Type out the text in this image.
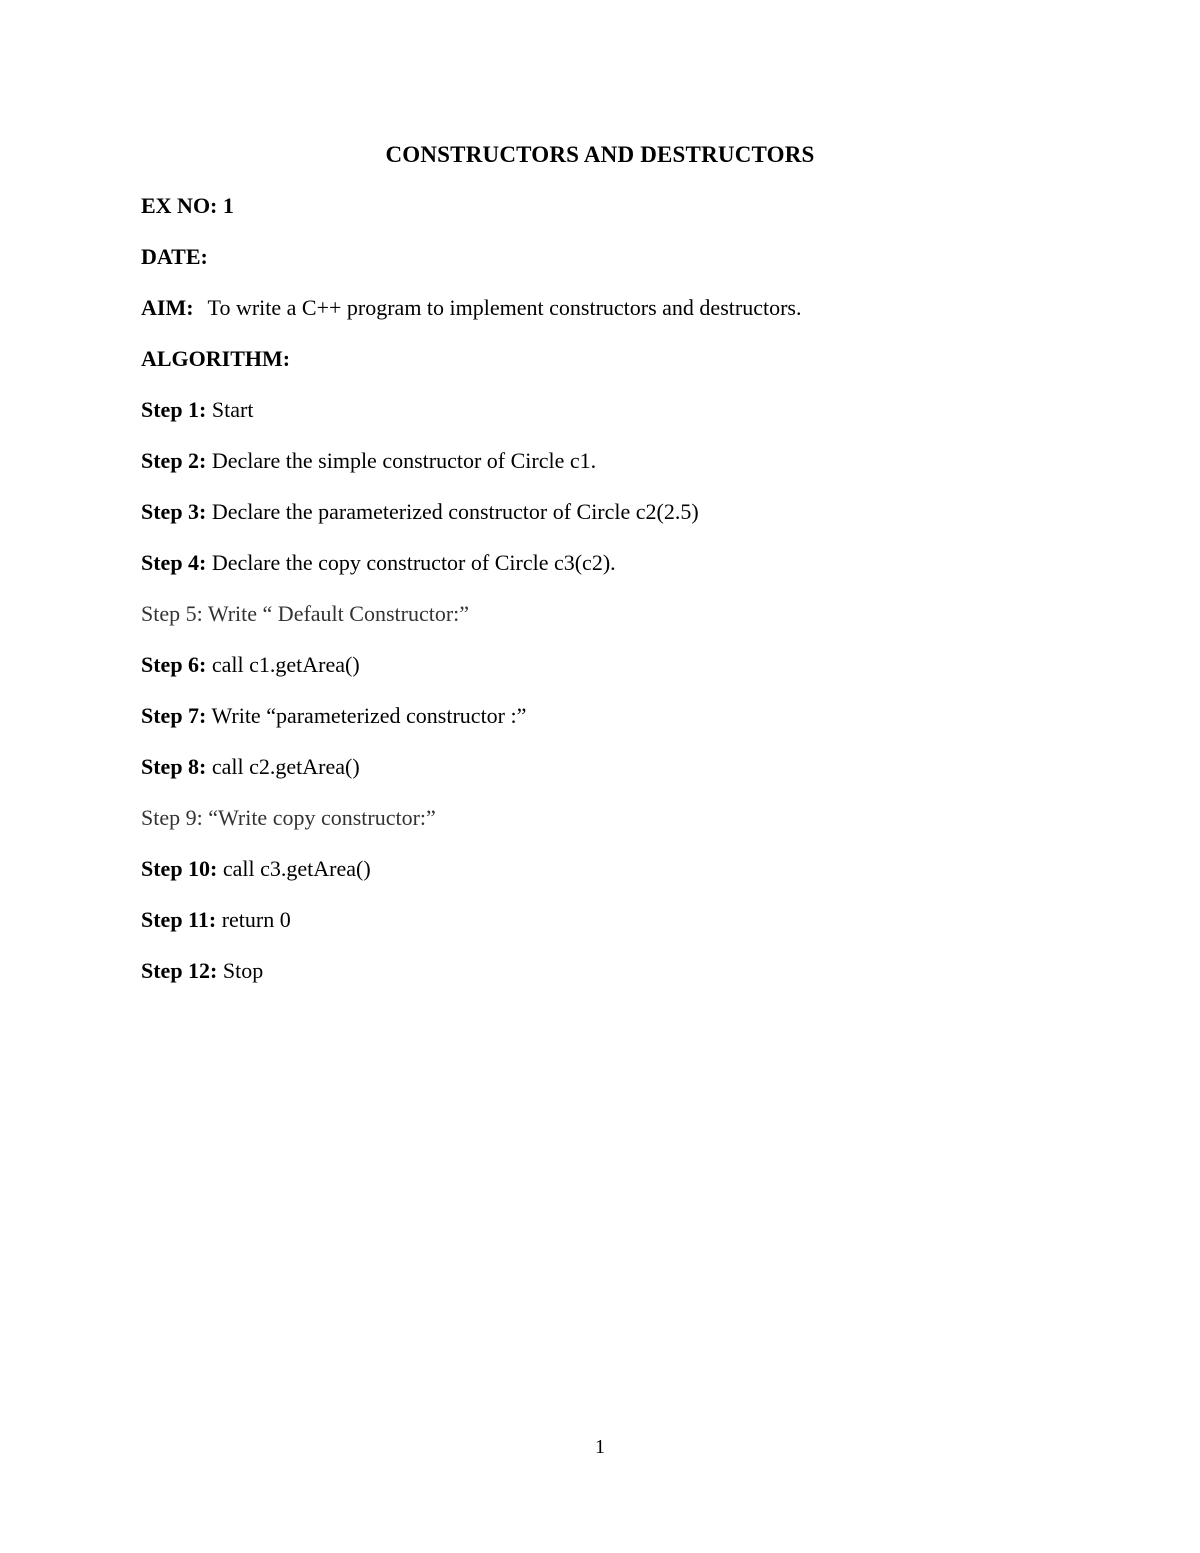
CONSTRUCTORS AND DESTRUCTORS
EX NO: 1
DATE:
AIM: To write a C++ program to implement constructors and destructors.
ALGORITHM:
Step 1: Start
Step 2: Declare the simple constructor of Circle c1.
Step 3: Declare the parameterized constructor of Circle c2(2.5)
Step 4: Declare the copy constructor of Circle c3(c2).
Step 5: Write “ Default Constructor:”
Step 6: call c1.getArea()
Step 7: Write “parameterized constructor :”
Step 8: call c2.getArea()
Step 9: “Write copy constructor:”
Step 10: call c3.getArea()
Step 11: return 0
Step 12: Stop
1
